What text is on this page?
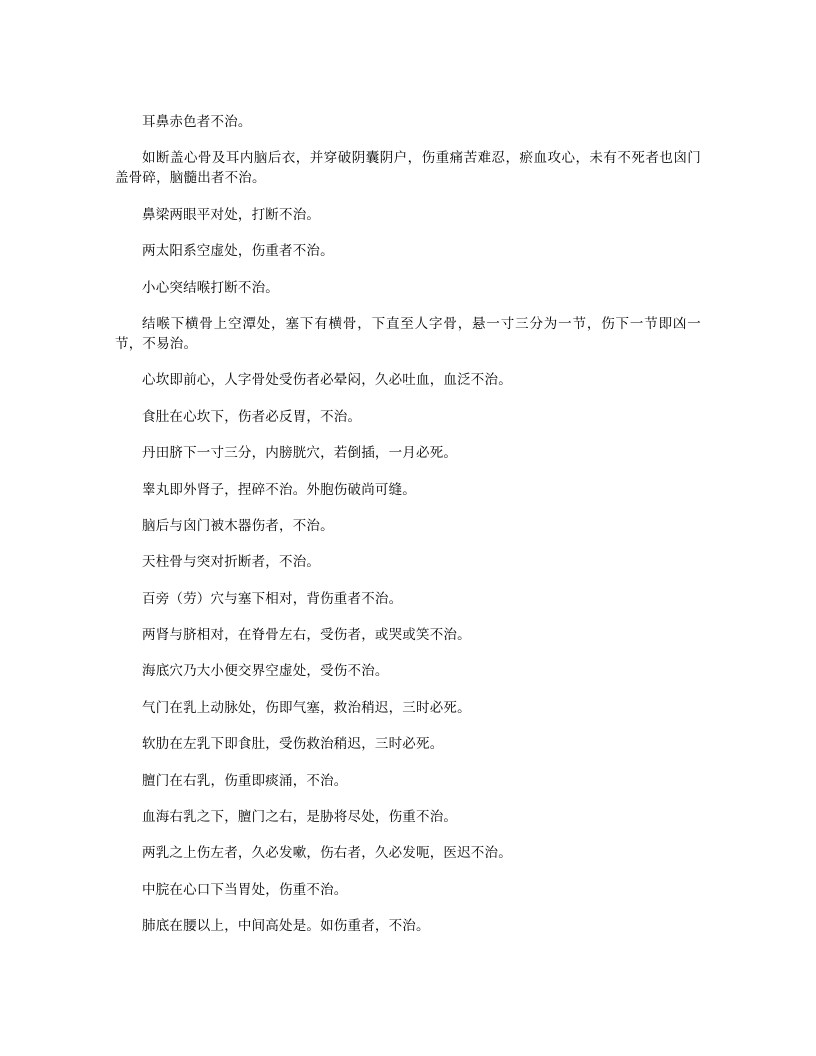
耳鼻赤色者不治。

如断盖心骨及耳内脑后衣，并穿破阴囊阴户，伤重痛苦难忍，瘀血攻心，未有不死者也囟门盖骨碎，脑髓出者不治。

鼻梁两眼平对处，打断不治。

两太阳系空虚处，伤重者不治。

小心突结喉打断不治。

结喉下横骨上空潭处，塞下有横骨，下直至人字骨，悬一寸三分为一节，伤下一节即凶一节，不易治。

心坎即前心，人字骨处受伤者必晕闷，久必吐血，血泛不治。

食肚在心坎下，伤者必反胃，不治。

丹田脐下一寸三分，内膀胱穴，若倒插，一月必死。

睾丸即外肾子，捏碎不治。外胞伤破尚可缝。

脑后与囟门被木器伤者，不治。

天柱骨与突对折断者，不治。

百旁（劳）穴与塞下相对，背伤重者不治。

两肾与脐相对，在脊骨左右，受伤者，或哭或笑不治。

海底穴乃大小便交界空虚处，受伤不治。

气门在乳上动脉处，伤即气塞，救治稍迟，三时必死。

软肋在左乳下即食肚，受伤救治稍迟，三时必死。

膻门在右乳，伤重即痰涌，不治。

血海右乳之下，膻门之右，是胁将尽处，伤重不治。

两乳之上伤左者，久必发嗽，伤右者，久必发呃，医迟不治。

中脘在心口下当胃处，伤重不治。

肺底在腰以上，中间高处是。如伤重者，不治。
